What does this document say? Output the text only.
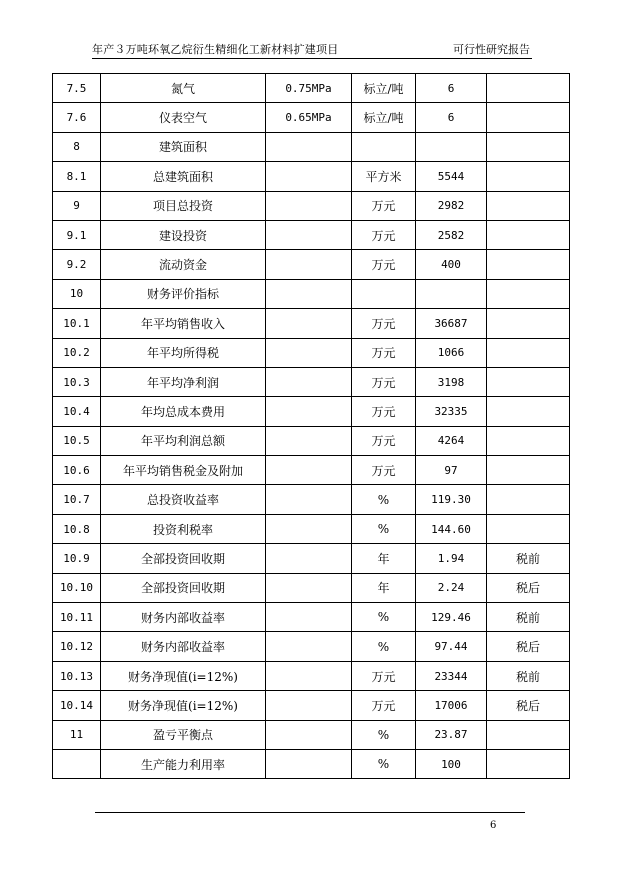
年产３万吨环氧乙烷衍生精细化工新材料扩建项目	可行性研究报告
7.5	氮气	0.75MPa	标立/吨	6	
7.6	仪表空气	0.65MPa	标立/吨	6	
8	建筑面积				
8.1	总建筑面积		平方米	5544	
9	项目总投资		万元	2982	
9.1	建设投资		万元	2582	
9.2	流动资金		万元	400	
10	财务评价指标				
10.1	年平均销售收入		万元	36687	
10.2	年平均所得税		万元	1066	
10.3	年平均净利润		万元	3198	
10.4	年均总成本费用		万元	32335	
10.5	年平均利润总额		万元	4264	
10.6	年平均销售税金及附加		万元	97	
10.7	总投资收益率		%	119.30	
10.8	投资利税率		%	144.60	
10.9	全部投资回收期		年	1.94	税前
10.10	全部投资回收期		年	2.24	税后
10.11	财务内部收益率		%	129.46	税前
10.12	财务内部收益率		%	97.44	税后
10.13	财务净现值(i=12%)		万元	23344	税前
10.14	财务净现值(i=12%)		万元	17006	税后
11	盈亏平衡点		%	23.87	
	生产能力利用率		%	100	
6
